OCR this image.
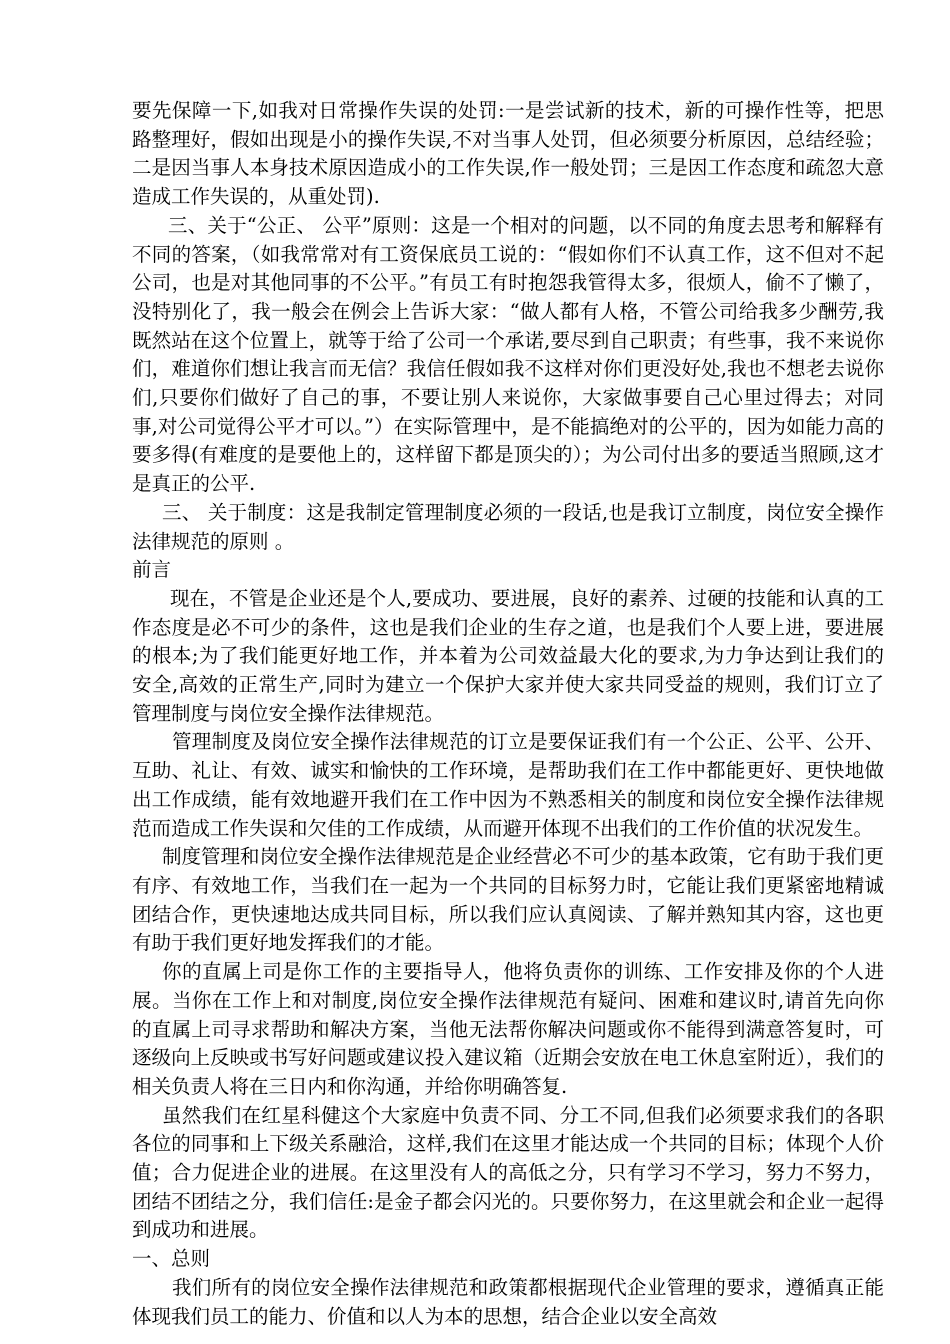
要先保障一下,如我对日常操作失误的处罚:一是尝试新的技术，新的可操作性等，把思路整理好，假如出现是小的操作失误,不对当事人处罚，但必须要分析原因，总结经验；二是因当事人本身技术原因造成小的工作失误,作一般处罚；三是因工作态度和疏忽大意造成工作失误的，从重处罚).

三、关于“公正、 公平”原则：这是一个相对的问题，以不同的角度去思考和解释有不同的答案，（如我常常对有工资保底员工说的：“假如你们不认真工作，这不但对不起公司，也是对其他同事的不公平。”有员工有时抱怨我管得太多，很烦人，偷不了懒了，没特别化了，我一般会在例会上告诉大家：“做人都有人格，不管公司给我多少酬劳,我既然站在这个位置上，就等于给了公司一个承诺,要尽到自己职责；有些事，我不来说你们，难道你们想让我言而无信？我信任假如我不这样对你们更没好处,我也不想老去说你们,只要你们做好了自己的事，不要让别人来说你，大家做事要自己心里过得去；对同事,对公司觉得公平才可以。”）在实际管理中，是不能搞绝对的公平的，因为如能力高的要多得(有难度的是要他上的，这样留下都是顶尖的）；为公司付出多的要适当照顾,这才是真正的公平.

三、 关于制度：这是我制定管理制度必须的一段话,也是我订立制度，岗位安全操作法律规范的原则 。

前言

现在，不管是企业还是个人,要成功、要进展，良好的素养、过硬的技能和认真的工作态度是必不可少的条件，这也是我们企业的生存之道，也是我们个人要上进，要进展的根本;为了我们能更好地工作，并本着为公司效益最大化的要求,为力争达到让我们的安全,高效的正常生产,同时为建立一个保护大家并使大家共同受益的规则，我们订立了管理制度与岗位安全操作法律规范。

管理制度及岗位安全操作法律规范的订立是要保证我们有一个公正、公平、公开、互助、礼让、有效、诚实和愉快的工作环境，是帮助我们在工作中都能更好、更快地做出工作成绩，能有效地避开我们在工作中因为不熟悉相关的制度和岗位安全操作法律规范而造成工作失误和欠佳的工作成绩，从而避开体现不出我们的工作价值的状况发生。

制度管理和岗位安全操作法律规范是企业经营必不可少的基本政策，它有助于我们更有序、有效地工作，当我们在一起为一个共同的目标努力时，它能让我们更紧密地精诚团结合作，更快速地达成共同目标，所以我们应认真阅读、了解并熟知其内容，这也更有助于我们更好地发挥我们的才能。

你的直属上司是你工作的主要指导人，他将负责你的训练、工作安排及你的个人进展。当你在工作上和对制度,岗位安全操作法律规范有疑问、困难和建议时,请首先向你的直属上司寻求帮助和解决方案，当他无法帮你解决问题或你不能得到满意答复时，可逐级向上反映或书写好问题或建议投入建议箱（近期会安放在电工休息室附近），我们的相关负责人将在三日内和你沟通，并给你明确答复.

虽然我们在红星科健这个大家庭中负责不同、分工不同,但我们必须要求我们的各职各位的同事和上下级关系融洽，这样,我们在这里才能达成一个共同的目标；体现个人价值；合力促进企业的进展。在这里没有人的高低之分，只有学习不学习，努力不努力，团结不团结之分，我们信任:是金子都会闪光的。只要你努力，在这里就会和企业一起得到成功和进展。

一、总则

我们所有的岗位安全操作法律规范和政策都根据现代企业管理的要求，遵循真正能体现我们员工的能力、价值和以人为本的思想，结合企业以安全高效
